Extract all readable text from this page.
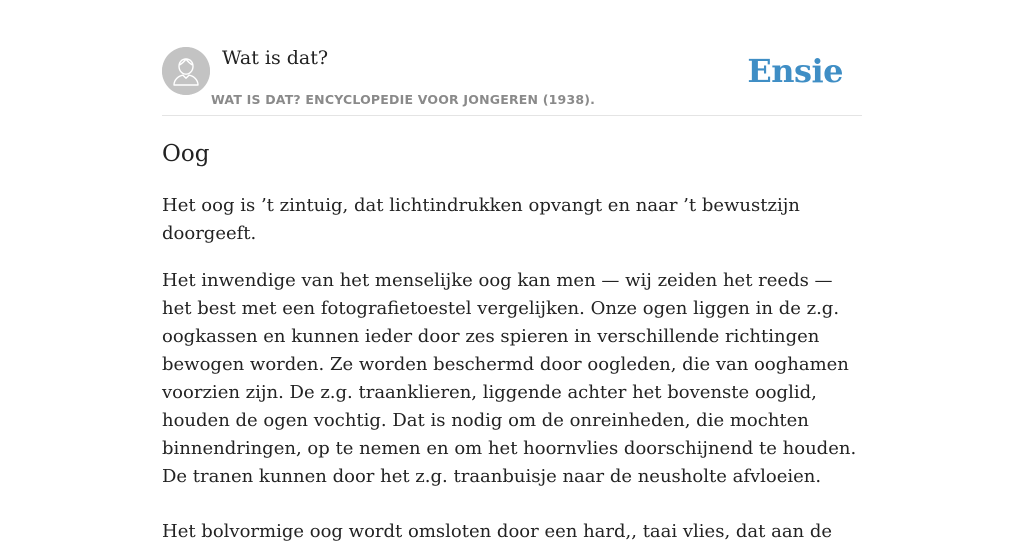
Wat is dat?
WAT IS DAT? ENCYCLOPEDIE VOOR JONGEREN (1938).
Ensie
Oog

Het oog is ’t zintuig, dat lichtindrukken opvangt en naar ’t bewustzijn doorgeeft.

Het inwendige van het menselijke oog kan men — wij zeiden het reeds — het best met een fotografietoestel vergelijken. Onze ogen liggen in de z.g. oogkassen en kunnen ieder door zes spieren in verschillende richtingen bewogen worden. Ze worden beschermd door oogleden, die van ooghamen voorzien zijn. De z.g. traanklieren, liggende achter het bovenste ooglid, houden de ogen vochtig. Dat is nodig om de onreinheden, die mochten binnendringen, op te nemen en om het hoornvlies doorschijnend te houden. De tranen kunnen door het z.g. traanbuisje naar de neusholte afvloeien.

Het bolvormige oog wordt omsloten door een hard,, taai vlies, dat aan de
